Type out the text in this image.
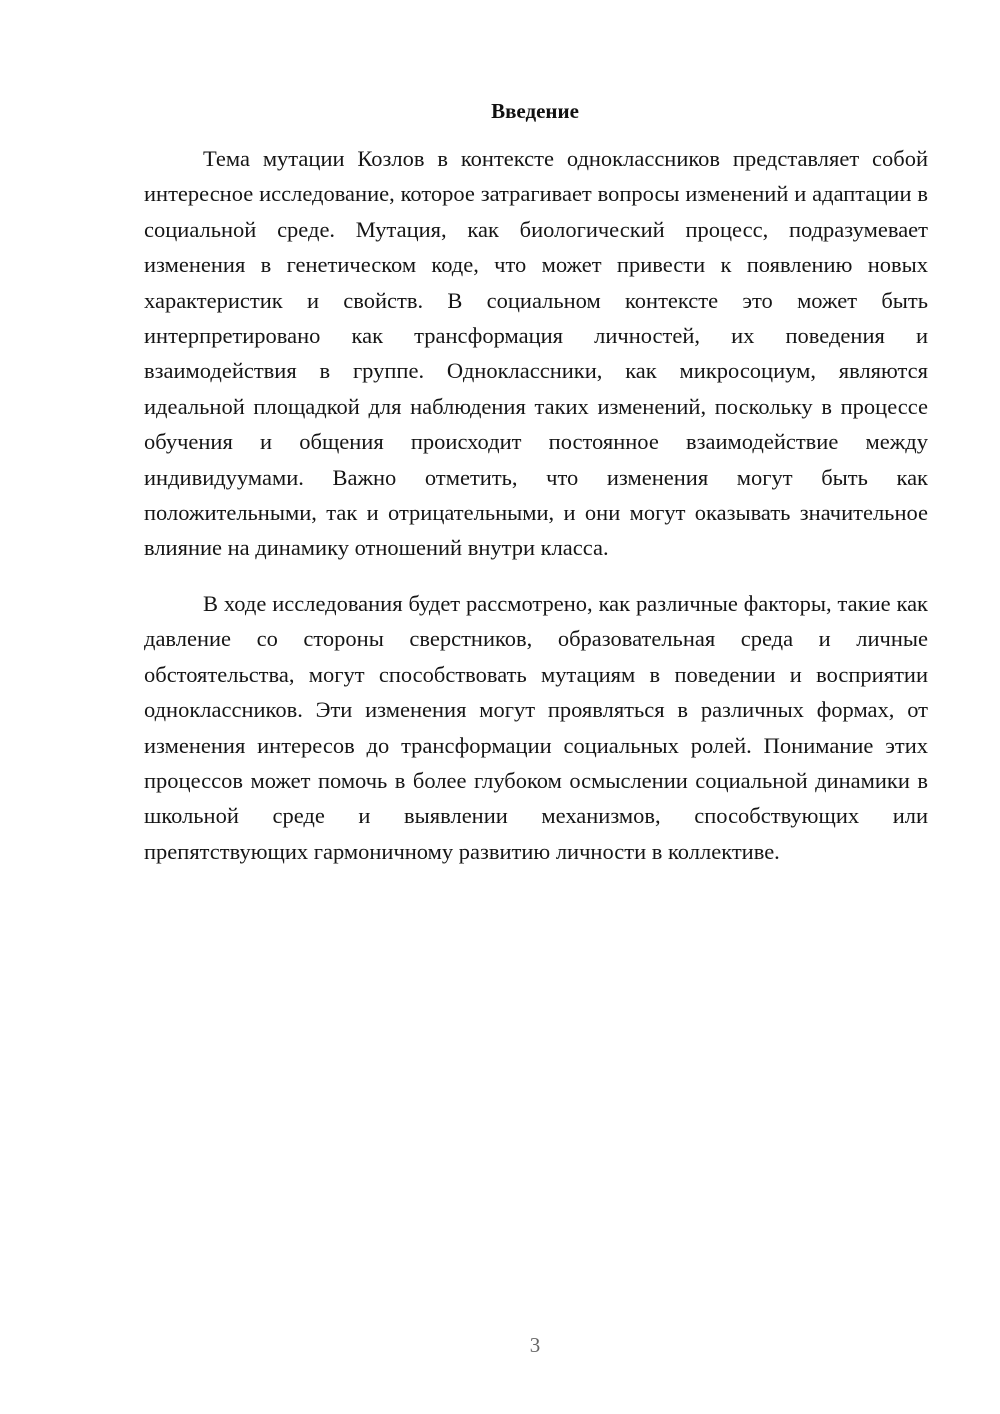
Введение

Тема мутации Козлов в контексте одноклассников представляет собой интересное исследование, которое затрагивает вопросы изменений и адаптации в социальной среде. Мутация, как биологический процесс, подразумевает изменения в генетическом коде, что может привести к появлению новых характеристик и свойств. В социальном контексте это может быть интерпретировано как трансформация личностей, их поведения и взаимодействия в группе. Одноклассники, как микросоциум, являются идеальной площадкой для наблюдения таких изменений, поскольку в процессе обучения и общения происходит постоянное взаимодействие между индивидуумами. Важно отметить, что изменения могут быть как положительными, так и отрицательными, и они могут оказывать значительное влияние на динамику отношений внутри класса.

В ходе исследования будет рассмотрено, как различные факторы, такие как давление со стороны сверстников, образовательная среда и личные обстоятельства, могут способствовать мутациям в поведении и восприятии одноклассников. Эти изменения могут проявляться в различных формах, от изменения интересов до трансформации социальных ролей. Понимание этих процессов может помочь в более глубоком осмыслении социальной динамики в школьной среде и выявлении механизмов, способствующих или препятствующих гармоничному развитию личности в коллективе.

3
